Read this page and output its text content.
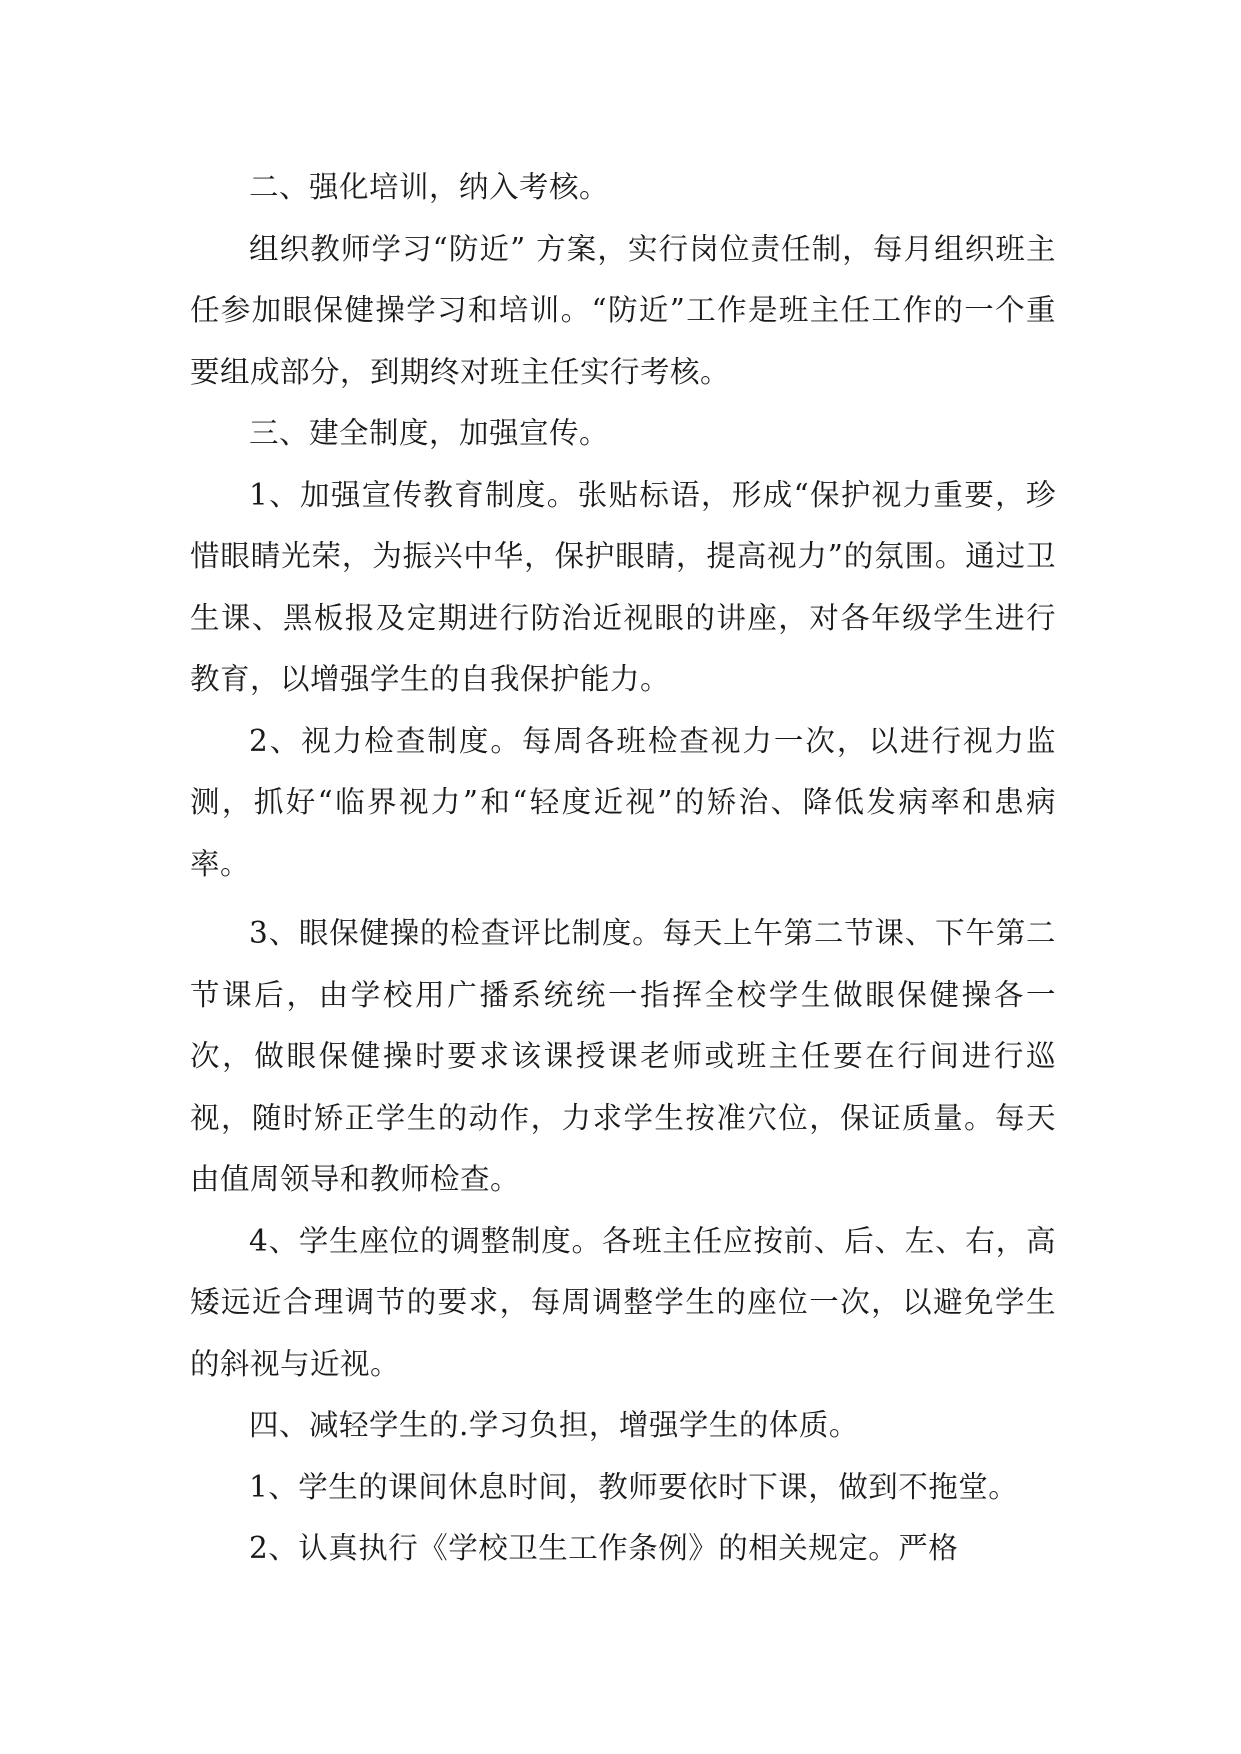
二、强化培训，纳入考核。

组织教师学习“防近” 方案，实行岗位责任制，每月组织班主任参加眼保健操学习和培训。“防近”工作是班主任工作的一个重要组成部分，到期终对班主任实行考核。

三、建全制度，加强宣传。

1、加强宣传教育制度。张贴标语，形成“保护视力重要，珍惜眼睛光荣，为振兴中华，保护眼睛，提高视力”的氛围。通过卫生课、黑板报及定期进行防治近视眼的讲座，对各年级学生进行教育，以增强学生的自我保护能力。

2、视力检查制度。每周各班检查视力一次，以进行视力监测，抓好“临界视力”和“轻度近视”的矫治、降低发病率和患病率。

3、眼保健操的检查评比制度。每天上午第二节课、下午第二节课后，由学校用广播系统统一指挥全校学生做眼保健操各一次，做眼保健操时要求该课授课老师或班主任要在行间进行巡视，随时矫正学生的动作，力求学生按准穴位，保证质量。每天由值周领导和教师检查。

4、学生座位的调整制度。各班主任应按前、后、左、右，高矮远近合理调节的要求，每周调整学生的座位一次，以避免学生的斜视与近视。

四、减轻学生的.学习负担，增强学生的体质。

1、学生的课间休息时间，教师要依时下课，做到不拖堂。

2、认真执行《学校卫生工作条例》的相关规定。严格
